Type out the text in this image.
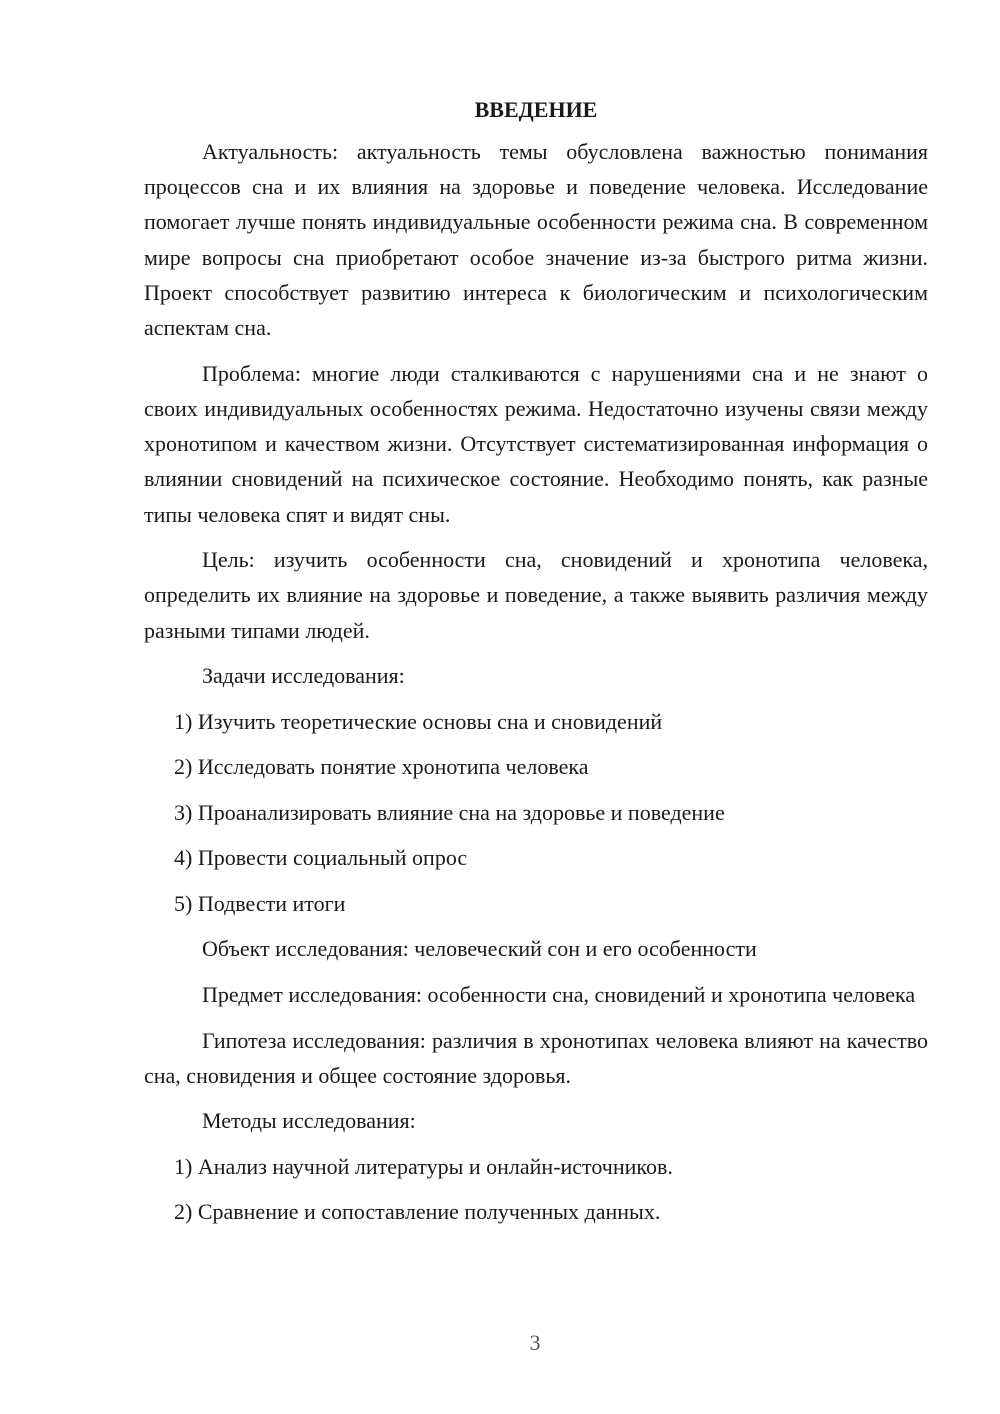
ВВЕДЕНИЕ

Актуальность: актуальность темы обусловлена важностью понимания процессов сна и их влияния на здоровье и поведение человека. Исследование помогает лучше понять индивидуальные особенности режима сна. В современном мире вопросы сна приобретают особое значение из-за быстрого ритма жизни. Проект способствует развитию интереса к биологическим и психологическим аспектам сна.

Проблема: многие люди сталкиваются с нарушениями сна и не знают о своих индивидуальных особенностях режима. Недостаточно изучены связи между хронотипом и качеством жизни. Отсутствует систематизированная информация о влиянии сновидений на психическое состояние. Необходимо понять, как разные типы человека спят и видят сны.

Цель: изучить особенности сна, сновидений и хронотипа человека, определить их влияние на здоровье и поведение, а также выявить различия между разными типами людей.

Задачи исследования:

1) Изучить теоретические основы сна и сновидений

2) Исследовать понятие хронотипа человека

3) Проанализировать влияние сна на здоровье и поведение

4) Провести социальный опрос

5) Подвести итоги

Объект исследования: человеческий сон и его особенности

Предмет исследования: особенности сна, сновидений и хронотипа человека

Гипотеза исследования: различия в хронотипах человека влияют на качество сна, сновидения и общее состояние здоровья.

Методы исследования:

1) Анализ научной литературы и онлайн-источников.

2) Сравнение и сопоставление полученных данных.

3
